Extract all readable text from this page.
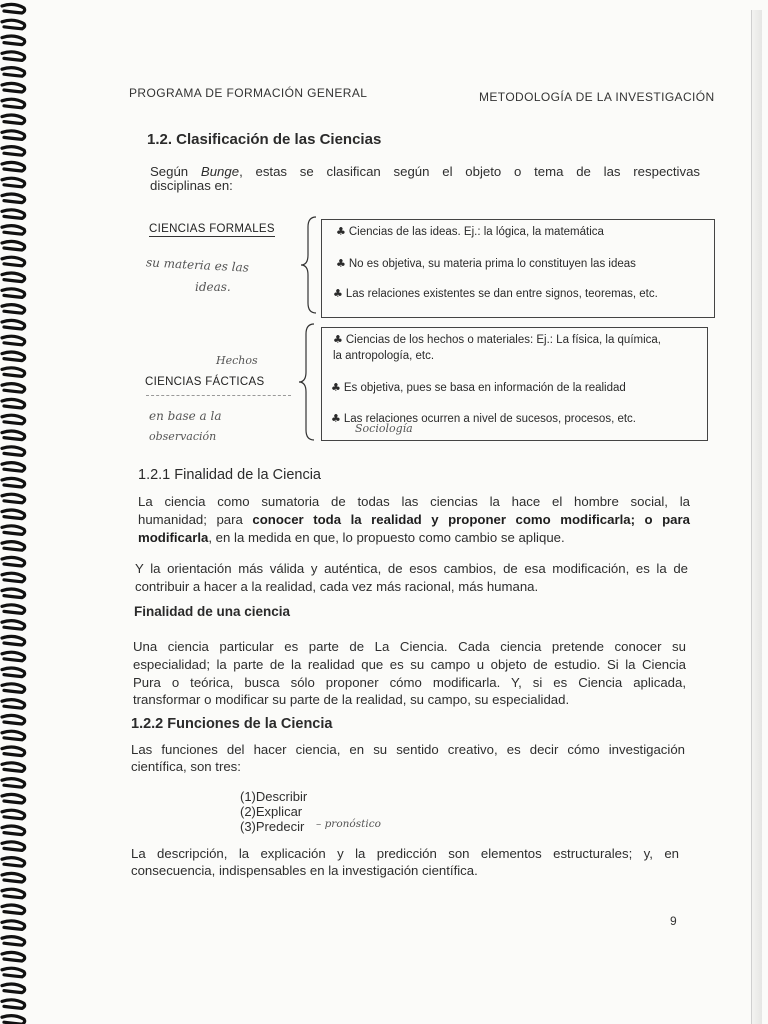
PROGRAMA DE FORMACIÓN GENERAL	METODOLOGÍA DE LA INVESTIGACIÓN
1.2. Clasificación de las Ciencias
Según Bunge, estas se clasifican según el objeto o tema de las respectivas
disciplinas en:
CIENCIAS FORMALES
su materia es las
ideas.
♣ Ciencias de las ideas. Ej.: la lógica, la matemática
♣ No es objetiva, su materia prima lo constituyen las ideas
♣ Las relaciones existentes se dan entre signos, teoremas, etc.
Hechos
CIENCIAS FÁCTICAS
en base a la
observación
♣ Ciencias de los hechos o materiales: Ej.: La física, la química,
la antropología, etc.
♣ Es objetiva, pues se basa en información de la realidad
♣ Las relaciones ocurren a nivel de sucesos, procesos, etc.
Sociología
1.2.1 Finalidad de la Ciencia
La ciencia como sumatoria de todas las ciencias la hace el hombre social, la
humanidad; para conocer toda la realidad y proponer como modificarla; o para
modificarla, en la medida en que, lo propuesto como cambio se aplique.
Y la orientación más válida y auténtica, de esos cambios, de esa modificación, es la de
contribuir a hacer a la realidad, cada vez más racional, más humana.
Finalidad de una ciencia
Una ciencia particular es parte de La Ciencia. Cada ciencia pretende conocer su
especialidad; la parte de la realidad que es su campo u objeto de estudio. Si la Ciencia
Pura o teórica, busca sólo proponer cómo modificarla. Y, si es Ciencia aplicada,
transformar o modificar su parte de la realidad, su campo, su especialidad.
1.2.2 Funciones de la Ciencia
Las funciones del hacer ciencia, en su sentido creativo, es decir cómo investigación
científica, son tres:
(1)Describir
(2)Explicar
(3)Predecir – pronóstico
La descripción, la explicación y la predicción son elementos estructurales; y, en
consecuencia, indispensables en la investigación científica.
9
